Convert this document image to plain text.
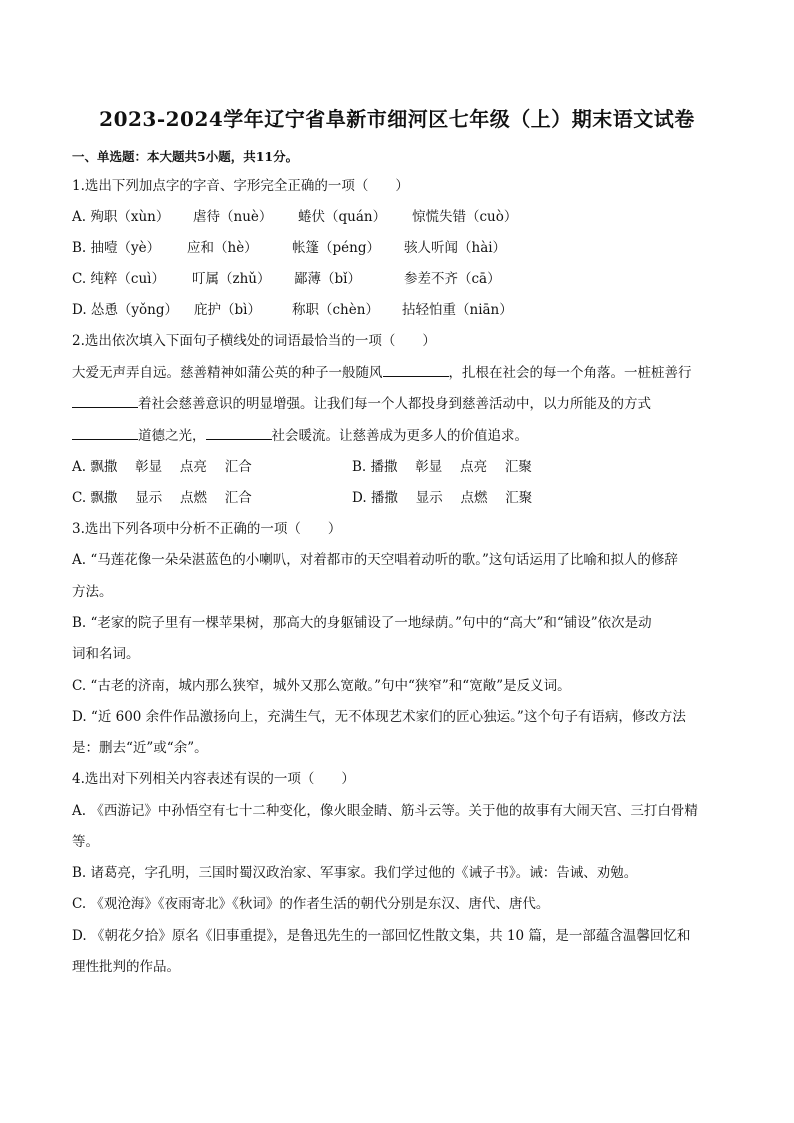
2023-2024学年辽宁省阜新市细河区七年级（上）期末语文试卷
一、单选题：本大题共5小题，共11分。
1.选出下列加点字的字音、字形完全正确的一项（　　）
A. 殉职（xùn） 虐待（nuè） 蜷伏（quán） 惊慌失错（cuò）
B. 抽噎（yè） 应和（hè）	帐篷（péng） 骇人听闻（hài）
C. 纯粹（cuì） 叮属（zhǔ） 鄙薄（bǐ）	参差不齐（cā）
D. 怂恿（yǒng） 庇护（bì） 称职（chèn） 拈轻怕重（niān）
2.选出依次填入下面句子横线处的词语最恰当的一项（　　）
大爱无声弄自远。慈善精神如蒲公英的种子一般随风	，扎根在社会的每一个角落。一桩桩善行
着社会慈善意识的明显增强。让我们每一个人都投身到慈善活动中，以力所能及的方式
道德之光，	社会暖流。让慈善成为更多人的价值追求。
A. 飘撒　 彰显　 点亮　 汇合	B. 播撒　 彰显　 点亮　 汇聚
C. 飘撒　 显示　 点燃　 汇合	D. 播撒　 显示　 点燃　 汇聚
3.选出下列各项中分析不正确的一项（　　）
A. “马莲花像一朵朵湛蓝色的小喇叭，对着都市的天空唱着动听的歌。”这句话运用了比喻和拟人的修辞
方法。
B. “老家的院子里有一棵苹果树，那高大的身躯铺设了一地绿荫。”句中的“高大”和“铺设”依次是动
词和名词。
C. “古老的济南，城内那么狭窄，城外又那么宽敞。”句中“狭窄”和“宽敞”是反义词。
D. “近 600 余件作品激扬向上，充满生气，无不体现艺术家们的匠心独运。”这个句子有语病，修改方法
是：删去“近”或“余”。
4.选出对下列相关内容表述有误的一项（　　）
A. 《西游记》中孙悟空有七十二种变化，像火眼金睛、筋斗云等。关于他的故事有大闹天宫、三打白骨精
等。
B. 诸葛亮，字孔明，三国时蜀汉政治家、军事家。我们学过他的《诫子书》。诫：告诫、劝勉。
C. 《观沧海》《夜雨寄北》《秋词》的作者生活的朝代分别是东汉、唐代、唐代。
D. 《朝花夕拾》原名《旧事重提》，是鲁迅先生的一部回忆性散文集，共 10 篇，是一部蕴含温馨回忆和
理性批判的作品。
